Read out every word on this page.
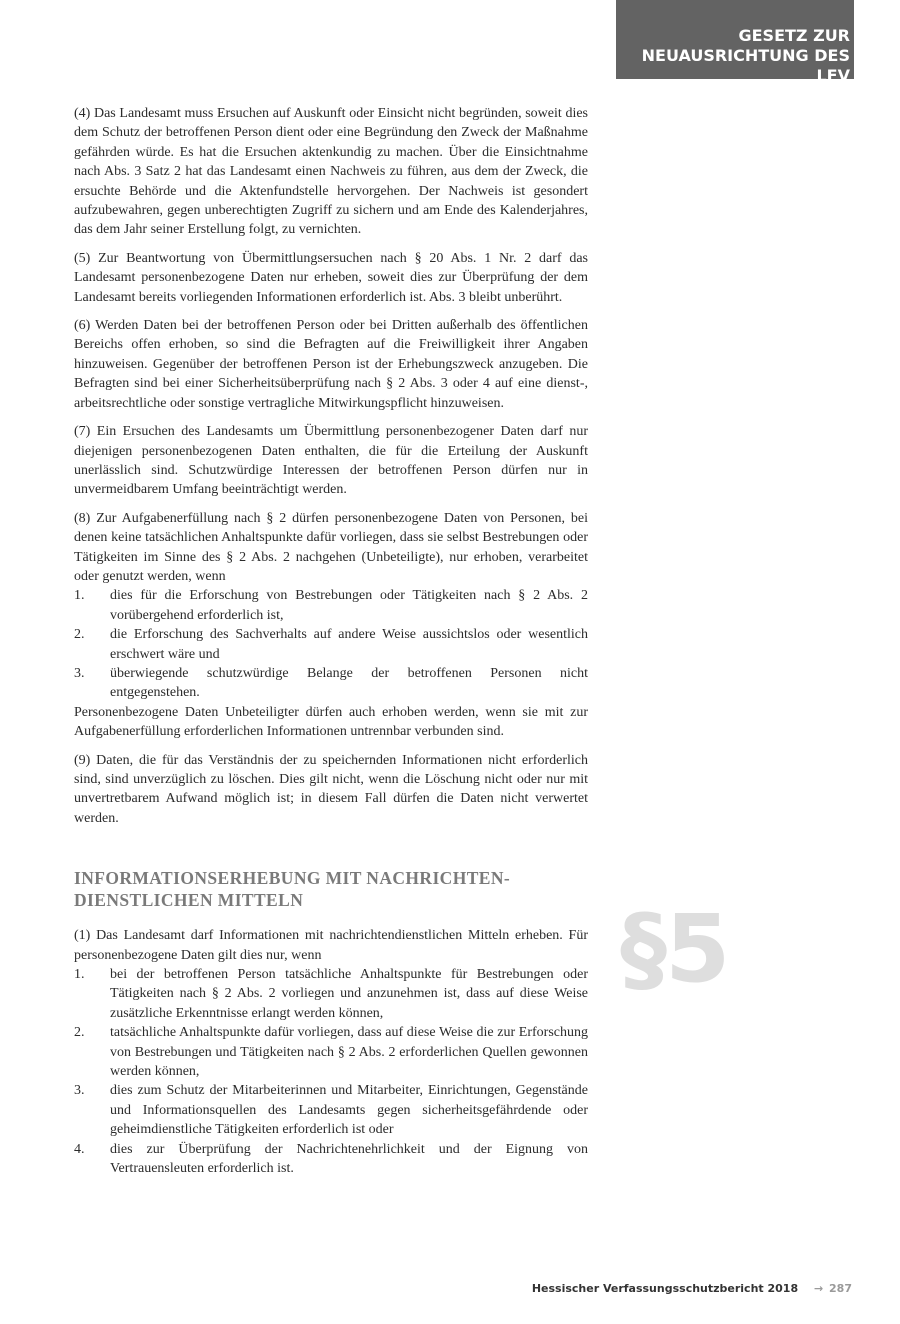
GESETZ ZUR
NEUAUSRICHTUNG DES LFV
§5

(4) Das Landesamt muss Ersuchen auf Auskunft oder Einsicht nicht begründen, soweit dies dem Schutz der betroffenen Person dient oder eine Begründung den Zweck der Maßnahme gefährden würde. Es hat die Ersuchen aktenkundig zu machen. Über die Einsichtnahme nach Abs. 3 Satz 2 hat das Landesamt einen Nachweis zu führen, aus dem der Zweck, die ersuchte Behörde und die Aktenfundstelle hervorgehen. Der Nachweis ist gesondert aufzubewahren, gegen unberechtigten Zugriff zu sichern und am Ende des Kalenderjahres, das dem Jahr seiner Erstellung folgt, zu vernichten.

(5) Zur Beantwortung von Übermittlungsersuchen nach § 20 Abs. 1 Nr. 2 darf das Landesamt personenbezogene Daten nur erheben, soweit dies zur Überprüfung der dem Landesamt bereits vorliegenden Informationen erforderlich ist. Abs. 3 bleibt unberührt.

(6) Werden Daten bei der betroffenen Person oder bei Dritten außerhalb des öffentlichen Bereichs offen erhoben, so sind die Befragten auf die Freiwilligkeit ihrer Angaben hinzuweisen. Gegenüber der betroffenen Person ist der Erhebungszweck anzugeben. Die Befragten sind bei einer Sicherheitsüberprüfung nach § 2 Abs. 3 oder 4 auf eine dienst-, arbeitsrechtliche oder sonstige vertragliche Mitwirkungspflicht hinzuweisen.

(7) Ein Ersuchen des Landesamts um Übermittlung personenbezogener Daten darf nur diejenigen personenbezogenen Daten enthalten, die für die Erteilung der Auskunft unerlässlich sind. Schutzwürdige Interessen der betroffenen Person dürfen nur in unvermeidbarem Umfang beeinträchtigt werden.

(8) Zur Aufgabenerfüllung nach § 2 dürfen personenbezogene Daten von Personen, bei denen keine tatsächlichen Anhaltspunkte dafür vorliegen, dass sie selbst Bestrebungen oder Tätigkeiten im Sinne des § 2 Abs. 2 nachgehen (Unbeteiligte), nur erhoben, verarbeitet oder genutzt werden, wenn
1. dies für die Erforschung von Bestrebungen oder Tätigkeiten nach § 2 Abs. 2 vorübergehend erforderlich ist,
2. die Erforschung des Sachverhalts auf andere Weise aussichtslos oder wesentlich erschwert wäre und
3. überwiegende schutzwürdige Belange der betroffenen Personen nicht entgegenstehen.
Personenbezogene Daten Unbeteiligter dürfen auch erhoben werden, wenn sie mit zur Aufgabenerfüllung erforderlichen Informationen untrennbar verbunden sind.

(9) Daten, die für das Verständnis der zu speichernden Informationen nicht erforderlich sind, sind unverzüglich zu löschen. Dies gilt nicht, wenn die Löschung nicht oder nur mit unvertretbarem Aufwand möglich ist; in diesem Fall dürfen die Daten nicht verwertet werden.

INFORMATIONSERHEBUNG MIT NACHRICHTEN-
DIENSTLICHEN MITTELN
(1) Das Landesamt darf Informationen mit nachrichtendienstlichen Mitteln erheben. Für personenbezogene Daten gilt dies nur, wenn
1. bei der betroffenen Person tatsächliche Anhaltspunkte für Bestrebungen oder Tätigkeiten nach § 2 Abs. 2 vorliegen und anzunehmen ist, dass auf diese Weise zusätzliche Erkenntnisse erlangt werden können,
2. tatsächliche Anhaltspunkte dafür vorliegen, dass auf diese Weise die zur Erforschung von Bestrebungen und Tätigkeiten nach § 2 Abs. 2 erforderlichen Quellen gewonnen werden können,
3. dies zum Schutz der Mitarbeiterinnen und Mitarbeiter, Einrichtungen, Gegenstände und Informationsquellen des Landesamts gegen sicherheitsgefährdende oder geheimdienstliche Tätigkeiten erforderlich ist oder
4. dies zur Überprüfung der Nachrichtenehrlichkeit und der Eignung von Vertrauensleuten erforderlich ist.
Hessischer Verfassungsschutzbericht 2018 → 287
